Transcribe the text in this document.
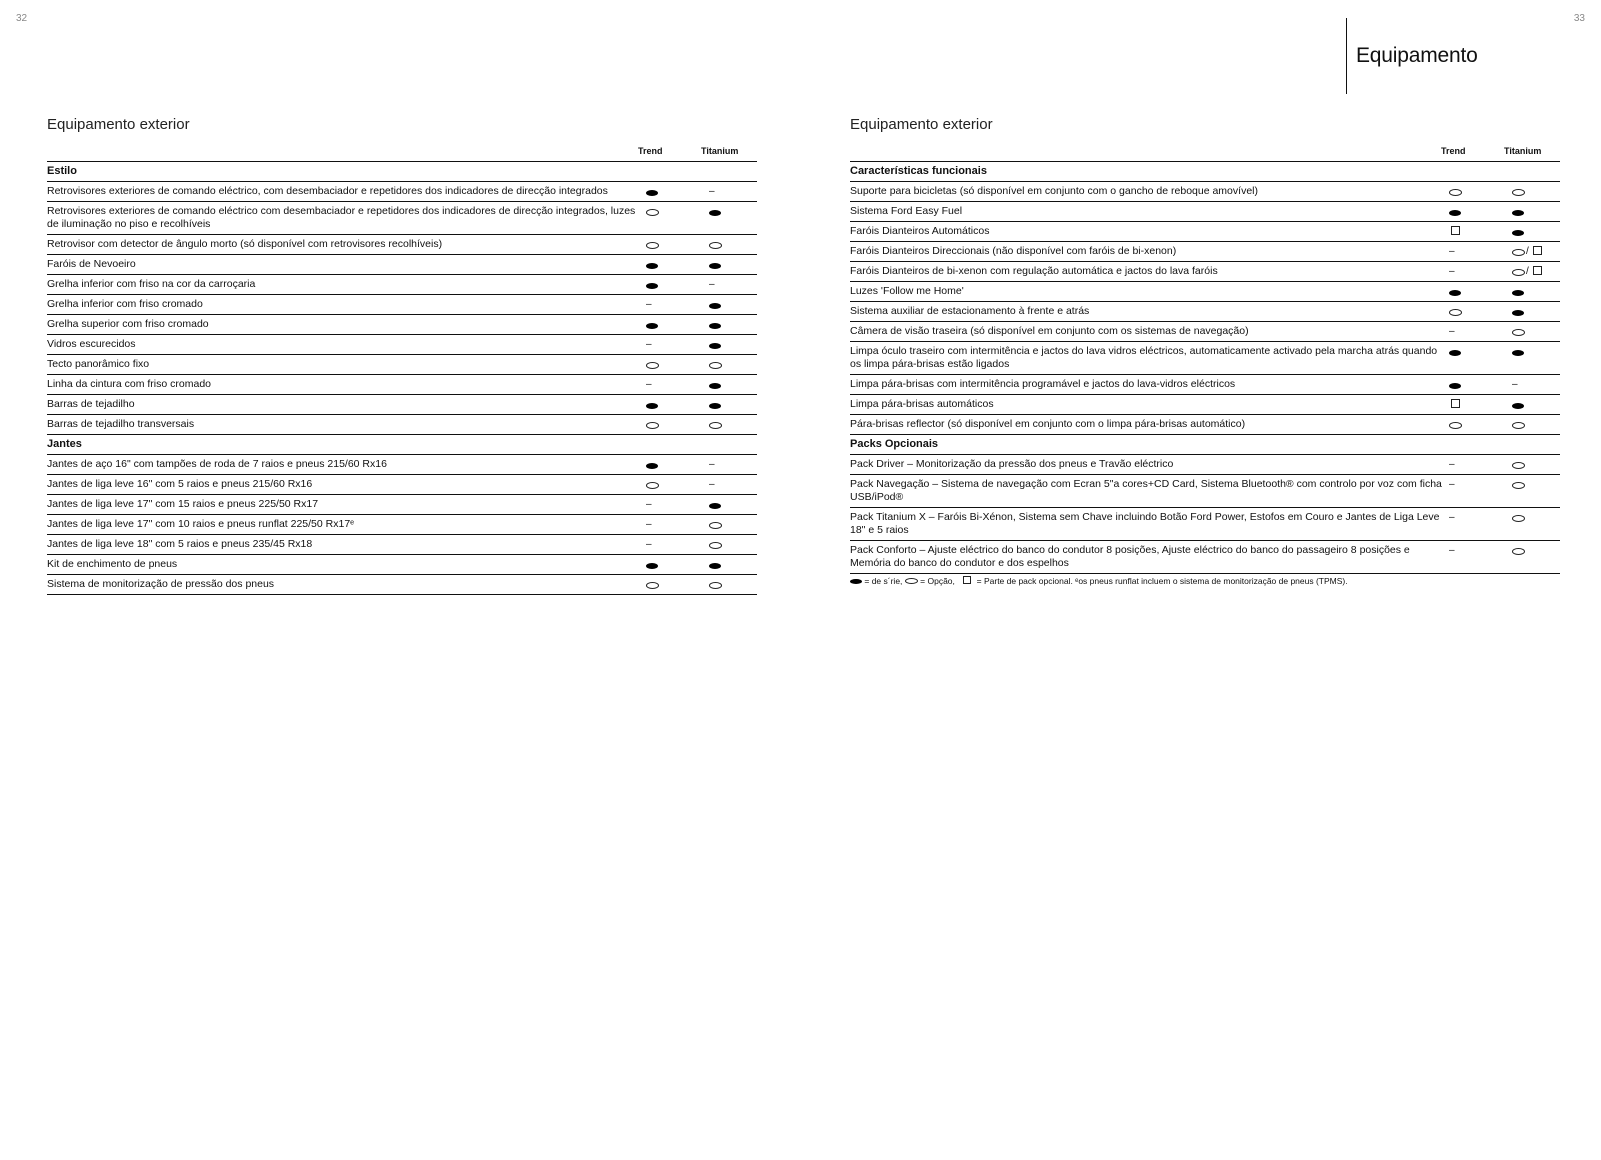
32	33
Equipamento
Equipamento exterior
Trend	Titanium
Estilo		
Retrovisores exteriores de comando eléctrico, com desembaciador e repetidores dos indicadores de direcção integrados		–
Retrovisores exteriores de comando eléctrico com desembaciador e repetidores dos indicadores de direcção integrados, luzes de iluminação no piso e recolhíveis		
Retrovisor com detector de ângulo morto (só disponível com retrovisores recolhíveis)		
Faróis de Nevoeiro		
Grelha inferior com friso na cor da carroçaria		–
Grelha inferior com friso cromado	–	
Grelha superior com friso cromado		
Vidros escurecidos	–	
Tecto panorâmico fixo		
Linha da cintura com friso cromado	–	
Barras de tejadilho		
Barras de tejadilho transversais		
Jantes		
Jantes de aço 16" com tampões de roda de 7 raios e pneus 215/60 Rx16		–
Jantes de liga leve 16" com 5 raios e pneus 215/60 Rx16		–
Jantes de liga leve 17" com 15 raios e pneus 225/50 Rx17	–	
Jantes de liga leve 17" com 10 raios e pneus runflat 225/50 Rx17ᵉ	–	
Jantes de liga leve 18" com 5 raios e pneus 235/45 Rx18	–	
Kit de enchimento de pneus		
Sistema de monitorização de pressão dos pneus		
Equipamento exterior
Trend	Titanium
Características funcionais		
Suporte para bicicletas (só disponível em conjunto com o gancho de reboque amovível)		
Sistema Ford Easy Fuel		
Faróis Dianteiros Automáticos		
Faróis Dianteiros Direccionais (não disponível com faróis de bi-xenon)	–	/
Faróis Dianteiros de bi-xenon com regulação automática e jactos do lava faróis	–	/
Luzes 'Follow me Home'		
Sistema auxiliar de estacionamento à frente e atrás		
Câmera de visão traseira (só disponível em conjunto com os sistemas de navegação)	–	
Limpa óculo traseiro com intermitência e jactos do lava vidros eléctricos, automaticamente activado pela marcha atrás quando os limpa pára-brisas estão ligados		
Limpa pára-brisas com intermitência programável e jactos do lava-vidros eléctricos		–
Limpa pára-brisas automáticos		
Pára-brisas reflector (só disponível em conjunto com o limpa pára-brisas automático)		
Packs Opcionais		
Pack Driver – Monitorização da pressão dos pneus e Travão eléctrico	–	
Pack Navegação – Sistema de navegação com Ecran 5"a cores+CD Card, Sistema Bluetooth® com controlo por voz com ficha USB/iPod®	–	
Pack Titanium X – Faróis Bi-Xénon, Sistema sem Chave incluindo Botão Ford Power, Estofos em Couro e Jantes de Liga Leve 18" e 5 raios	–	
Pack Conforto – Ajuste eléctrico do banco do condutor 8 posições, Ajuste eléctrico do banco do passageiro 8 posições e Memória do banco do condutor e dos espelhos	–	
= de s´rie, = Opção,	= Parte de pack opcional. ᵉos pneus runflat incluem o sistema de monitorização de pneus (TPMS).
